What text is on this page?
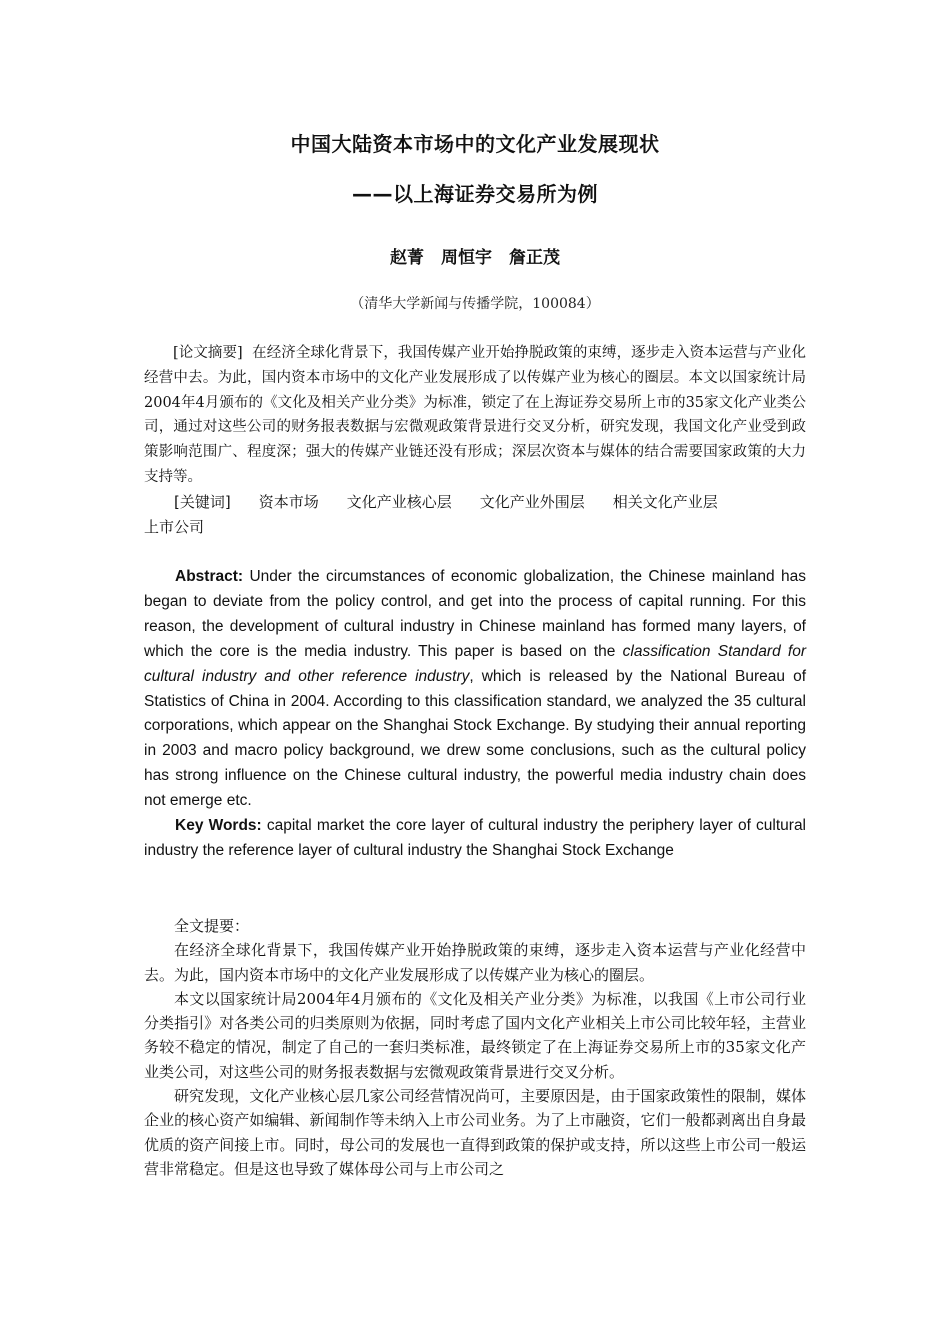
中国大陆资本市场中的文化产业发展现状
——以上海证券交易所为例
赵菁　周恒宇　詹正茂
（清华大学新闻与传播学院，100084）

[论文摘要] 在经济全球化背景下，我国传媒产业开始挣脱政策的束缚，逐步走入资本运营与产业化经营中去。为此，国内资本市场中的文化产业发展形成了以传媒产业为核心的圈层。本文以国家统计局2004年4月颁布的《文化及相关产业分类》为标准，锁定了在上海证券交易所上市的35家文化产业类公司，通过对这些公司的财务报表数据与宏微观政策背景进行交叉分析，研究发现，我国文化产业受到政策影响范围广、程度深；强大的传媒产业链还没有形成；深层次资本与媒体的结合需要国家政策的大力支持等。

[关键词] 资本市场 文化产业核心层 文化产业外围层 相关文化产业层
上市公司

Abstract: Under the circumstances of economic globalization, the Chinese mainland has began to deviate from the policy control, and get into the process of capital running. For this reason, the development of cultural industry in Chinese mainland has formed many layers, of which the core is the media industry. This paper is based on the classification Standard for cultural industry and other reference industry, which is released by the National Bureau of Statistics of China in 2004. According to this classification standard, we analyzed the 35 cultural corporations, which appear on the Shanghai Stock Exchange. By studying their annual reporting in 2003 and macro policy background, we drew some conclusions, such as the cultural policy has strong influence on the Chinese cultural industry, the powerful media industry chain does not emerge etc.

Key Words: capital market the core layer of cultural industry the periphery layer of cultural industry the reference layer of cultural industry the Shanghai Stock Exchange

全文提要：

在经济全球化背景下，我国传媒产业开始挣脱政策的束缚，逐步走入资本运营与产业化经营中去。为此，国内资本市场中的文化产业发展形成了以传媒产业为核心的圈层。

本文以国家统计局2004年4月颁布的《文化及相关产业分类》为标准，以我国《上市公司行业分类指引》对各类公司的归类原则为依据，同时考虑了国内文化产业相关上市公司比较年轻，主营业务较不稳定的情况，制定了自己的一套归类标准，最终锁定了在上海证券交易所上市的35家文化产业类公司，对这些公司的财务报表数据与宏微观政策背景进行交叉分析。

研究发现，文化产业核心层几家公司经营情况尚可，主要原因是，由于国家政策性的限制，媒体企业的核心资产如编辑、新闻制作等未纳入上市公司业务。为了上市融资，它们一般都剥离出自身最优质的资产间接上市。同时，母公司的发展也一直得到政策的保护或支持，所以这些上市公司一般运营非常稳定。但是这也导致了媒体母公司与上市公司之
